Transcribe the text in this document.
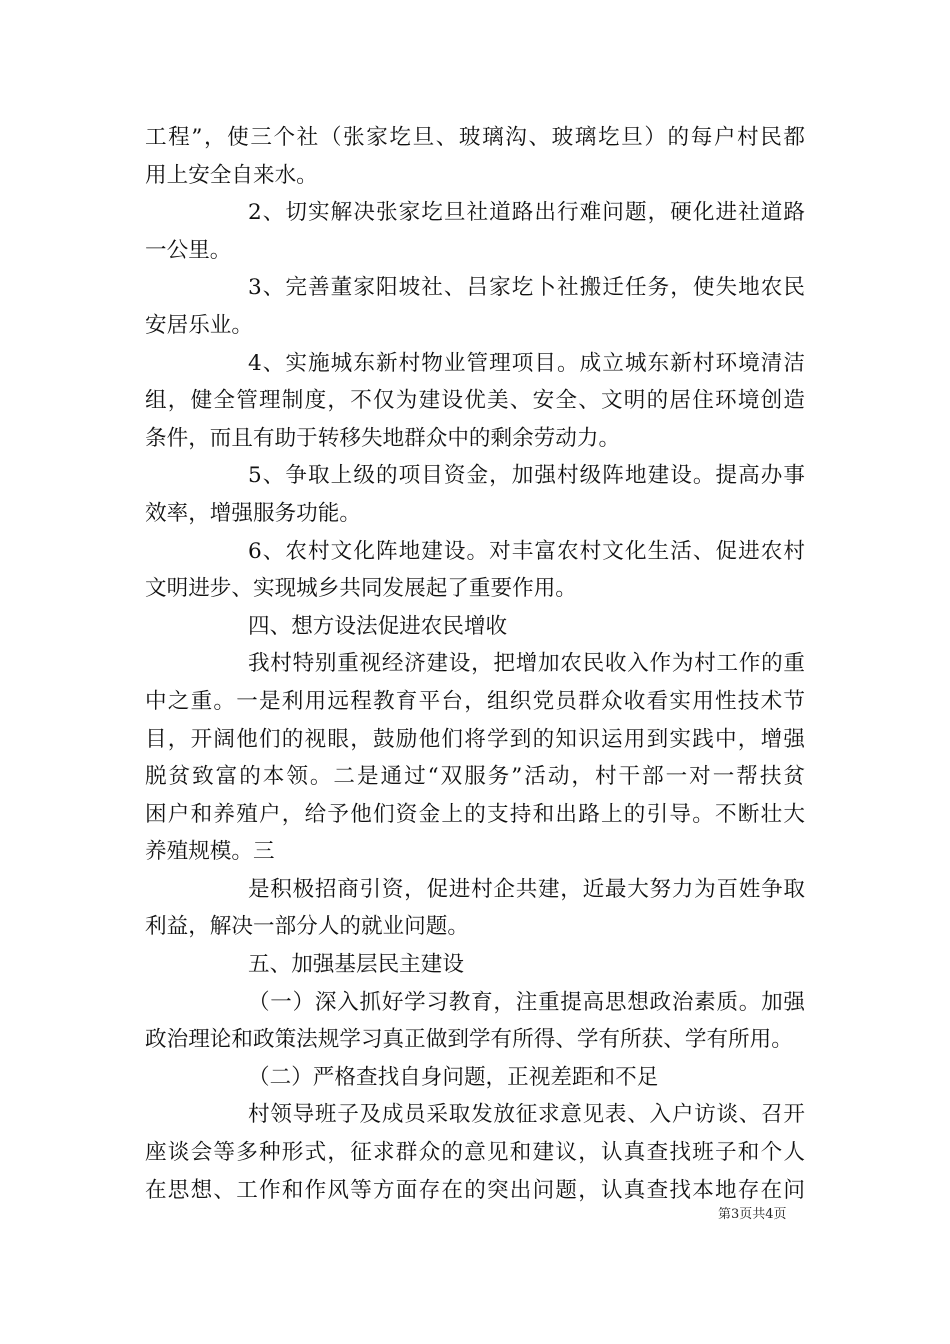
工程”，使三个社（张家圪旦、玻璃沟、玻璃圪旦）的每户村民都
用上安全自来水。
2、切实解决张家圪旦社道路出行难问题，硬化进社道路
一公里。
3、完善董家阳坡社、吕家圪卜社搬迁任务，使失地农民
安居乐业。
4、实施城东新村物业管理项目。成立城东新村环境清洁
组，健全管理制度，不仅为建设优美、安全、文明的居住环境创造
条件，而且有助于转移失地群众中的剩余劳动力。
5、争取上级的项目资金，加强村级阵地建设。提高办事
效率，增强服务功能。
6、农村文化阵地建设。对丰富农村文化生活、促进农村
文明进步、实现城乡共同发展起了重要作用。
四、想方设法促进农民增收
我村特别重视经济建设，把增加农民收入作为村工作的重
中之重。一是利用远程教育平台，组织党员群众收看实用性技术节
目，开阔他们的视眼，鼓励他们将学到的知识运用到实践中，增强
脱贫致富的本领。二是通过“双服务”活动，村干部一对一帮扶贫
困户和养殖户，给予他们资金上的支持和出路上的引导。不断壮大
养殖规模。三
是积极招商引资，促进村企共建，近最大努力为百姓争取
利益，解决一部分人的就业问题。
五、加强基层民主建设
（一）深入抓好学习教育，注重提高思想政治素质。加强
政治理论和政策法规学习真正做到学有所得、学有所获、学有所用。
（二）严格查找自身问题，正视差距和不足
村领导班子及成员采取发放征求意见表、入户访谈、召开
座谈会等多种形式，征求群众的意见和建议，认真查找班子和个人
在思想、工作和作风等方面存在的突出问题，认真查找本地存在问
第3页共4页
